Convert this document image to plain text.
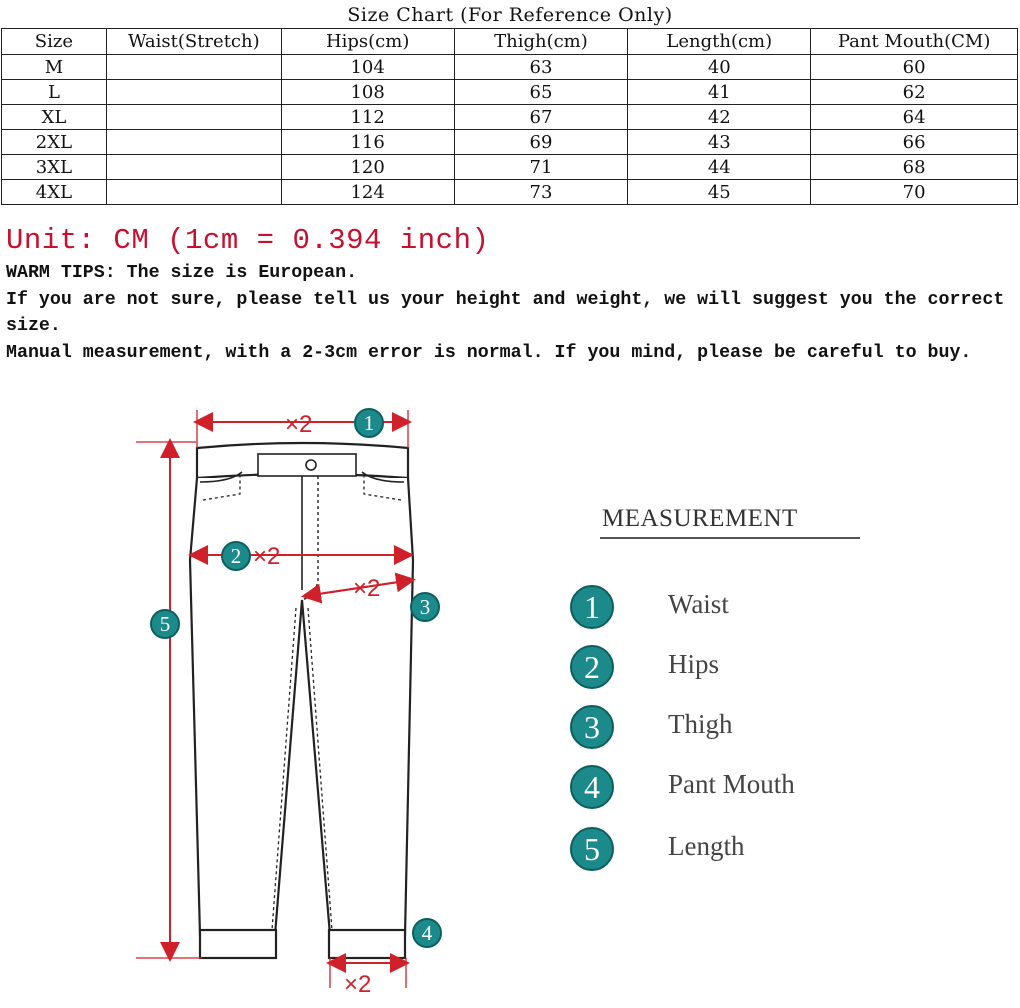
Size Chart (For Reference Only)
Size	Waist(Stretch)	Hips(cm)	Thigh(cm)	Length(cm)	Pant Mouth(CM)
M		104	63	40	60
L		108	65	41	62
XL		112	67	42	64
2XL		116	69	43	66
3XL		120	71	44	68
4XL		124	73	45	70
Unit: CM (1cm = 0.394 inch)

WARM TIPS: The size is European.

If you are not sure, please tell us your height and weight, we will suggest you the correct size.

Manual measurement, with a 2-3cm error is normal. If you mind, please be careful to buy.

×2
×2
×2
×2
1
2
3
4
5
MEASUREMENT
1	Waist
2	Hips
3	Thigh
4	Pant Mouth
5	Length
